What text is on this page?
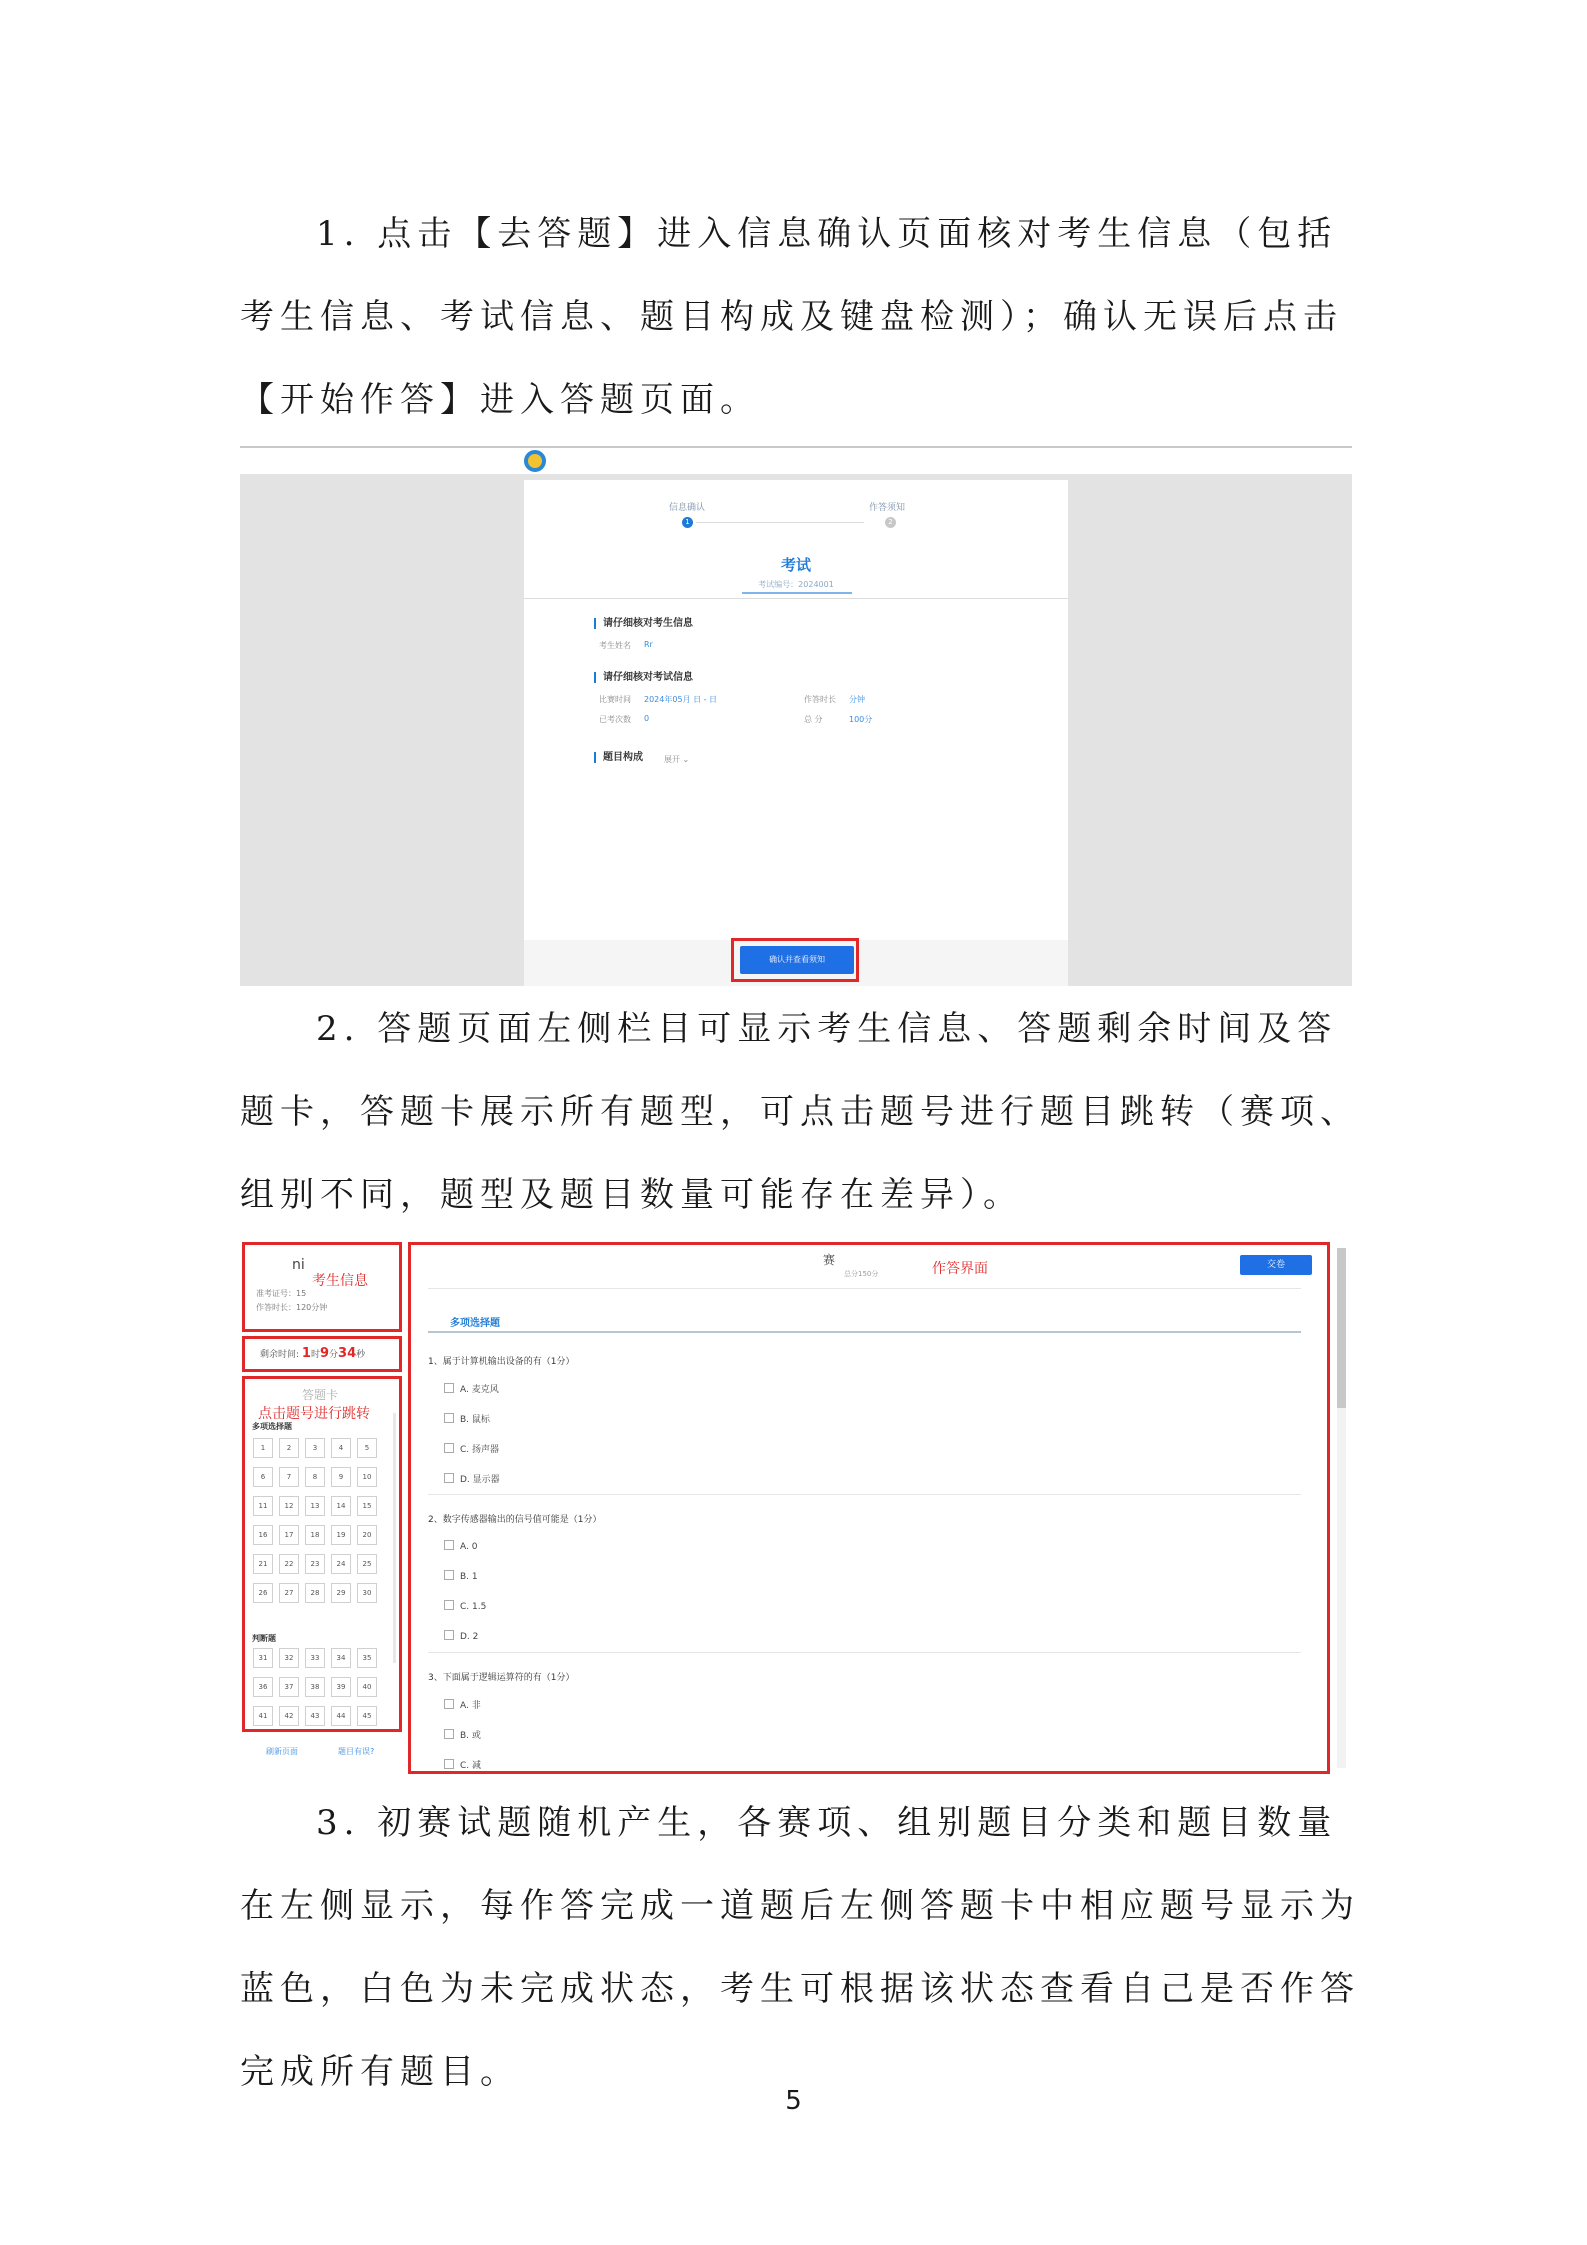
1. 点击【去答题】进入信息确认页面核对考生信息（包括考生信息、考试信息、题目构成及键盘检测）；确认无误后点击【开始作答】进入答题页面。
信息确认
1
作答须知
2
考试
考试编号：2024001
请仔细核对考生信息
考生姓名 Rr
请仔细核对考试信息
比赛时间 2024年05月 日 - 日	作答时长 分钟
已考次数 0	总 分	100分
题目构成	展开 ⌄
确认并查看须知
2. 答题页面左侧栏目可显示考生信息、答题剩余时间及答题卡，答题卡展示所有题型，可点击题号进行题目跳转（赛项、组别不同，题型及题目数量可能存在差异）。
ni
准考证号：15
作答时长：120分钟
考生信息
剩余时间: 1时9分34秒
答题卡
点击题号进行跳转
多项选择题
判断题
刷新页面	题目有误?
赛
总分150分	作答界面	交卷
多项选择题
1、属于计算机输出设备的有（1分）
A. 麦克风
B. 鼠标
C. 扬声器
D. 显示器
2、数字传感器输出的信号值可能是（1分）
A. 0
B. 1
C. 1.5
D. 2
3、下面属于逻辑运算符的有（1分）
A. 非
B. 或
C. 减
1	2	3	4	5
6	7	8	9	10
11	12	13	14	15
16	17	18	19	20
21	22	23	24	25
26	27	28	29	30
31	32	33	34	35
36	37	38	39	40
41	42	43	44	45
3. 初赛试题随机产生，各赛项、组别题目分类和题目数量在左侧显示，每作答完成一道题后左侧答题卡中相应题号显示为蓝色，白色为未完成状态，考生可根据该状态查看自己是否作答完成所有题目。
5
